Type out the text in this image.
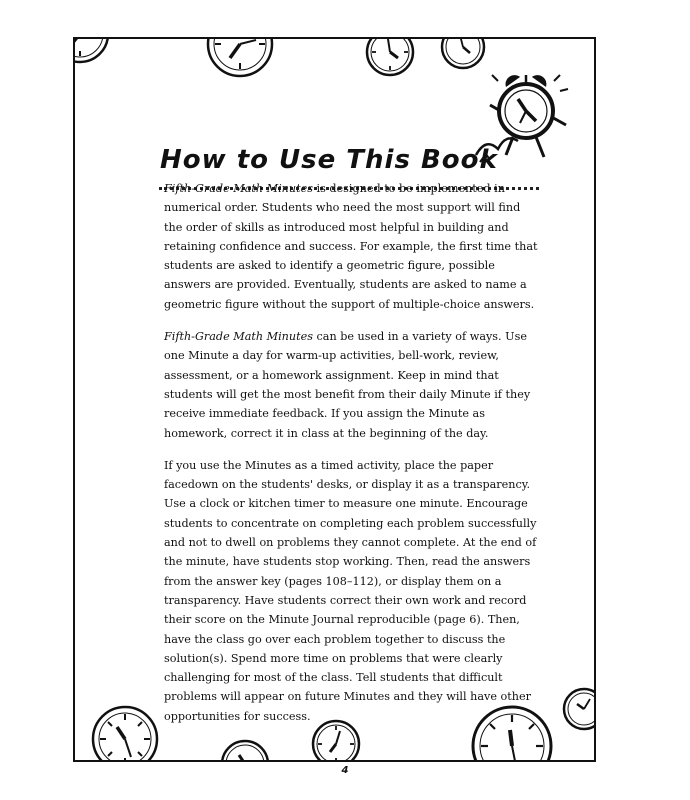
How to Use This Book

Fifth-Grade Math Minutes is designed to be implemented in numerical order. Students who need the most support will find the order of skills as introduced most helpful in building and retaining confidence and success. For example, the first time that students are asked to identify a geometric figure, possible answers are provided. Eventually, students are asked to name a geometric figure without the support of multiple-choice answers.

Fifth-Grade Math Minutes can be used in a variety of ways. Use one Minute a day for warm-up activities, bell-work, review, assessment, or a homework assignment. Keep in mind that students will get the most benefit from their daily Minute if they receive immediate feedback. If you assign the Minute as homework, correct it in class at the beginning of the day.

If you use the Minutes as a timed activity, place the paper facedown on the students' desks, or display it as a transparency. Use a clock or kitchen timer to measure one minute. Encourage students to concentrate on completing each problem successfully and not to dwell on problems they cannot complete. At the end of the minute, have students stop working. Then, read the answers from the answer key (pages 108–112), or display them on a transparency. Have students correct their own work and record their score on the Minute Journal reproducible (page 6). Then, have the class go over each problem together to discuss the solution(s). Spend more time on problems that were clearly challenging for most of the class. Tell students that difficult problems will appear on future Minutes and they will have other opportunities for success.

4
